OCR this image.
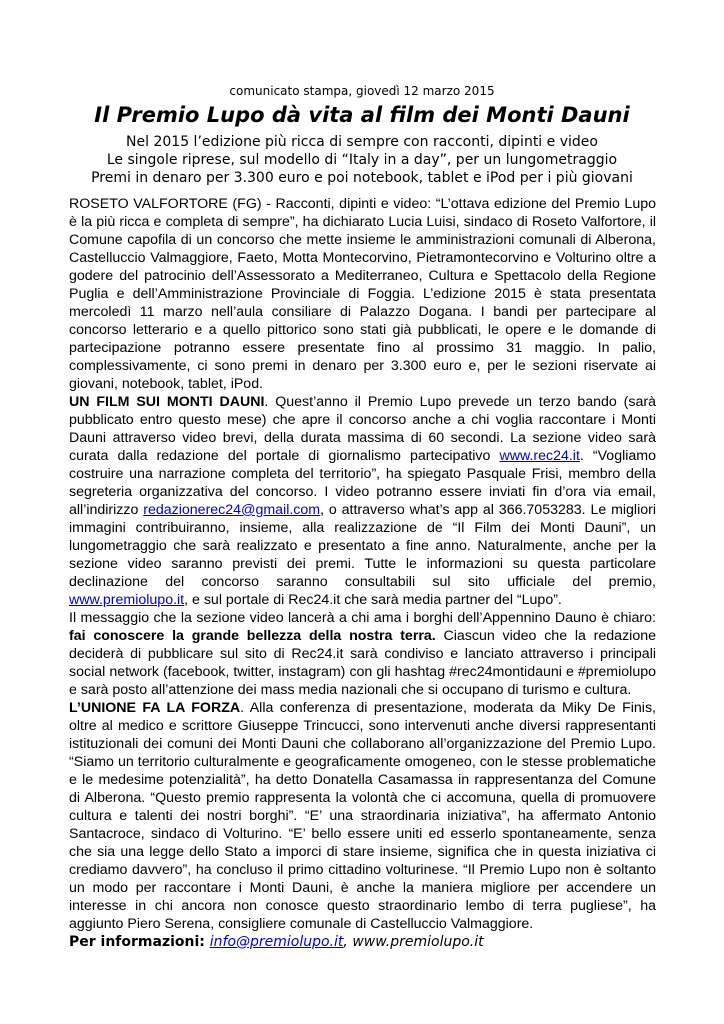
comunicato stampa, giovedì 12 marzo 2015
Il Premio Lupo dà vita al film dei Monti Dauni
Nel 2015 l’edizione più ricca di sempre con racconti, dipinti e video
Le singole riprese, sul modello di “Italy in a day”, per un lungometraggio
Premi in denaro per 3.300 euro e poi notebook, tablet e iPod per i più giovani

ROSETO VALFORTORE (FG) - Racconti, dipinti e video: “L’ottava edizione del Premio Lupo è la più ricca e completa di sempre”, ha dichiarato Lucia Luisi, sindaco di Roseto Valfortore, il Comune capofila di un concorso che mette insieme le amministrazioni comunali di Alberona, Castelluccio Valmaggiore, Faeto, Motta Montecorvino, Pietramontecorvino e Volturino oltre a godere del patrocinio dell’Assessorato a Mediterraneo, Cultura e Spettacolo della Regione Puglia e dell’Amministrazione Provinciale di Foggia. L’edizione 2015 è stata presentata mercoledì 11 marzo nell’aula consiliare di Palazzo Dogana. I bandi per partecipare al concorso letterario e a quello pittorico sono stati già pubblicati, le opere e le domande di partecipazione potranno essere presentate fino al prossimo 31 maggio. In palio, complessivamente, ci sono premi in denaro per 3.300 euro e, per le sezioni riservate ai giovani, notebook, tablet, iPod.

UN FILM SUI MONTI DAUNI. Quest’anno il Premio Lupo prevede un terzo bando (sarà pubblicato entro questo mese) che apre il concorso anche a chi voglia raccontare i Monti Dauni attraverso video brevi, della durata massima di 60 secondi. La sezione video sarà curata dalla redazione del portale di giornalismo partecipativo www.rec24.it. “Vogliamo costruire una narrazione completa del territorio”, ha spiegato Pasquale Frisi, membro della segreteria organizzativa del concorso. I video potranno essere inviati fin d’ora via email, all’indirizzo redazionerec24@gmail.com, o attraverso what’s app al 366.7053283. Le migliori immagini contribuiranno, insieme, alla realizzazione de “Il Film dei Monti Dauni”, un lungometraggio che sarà realizzato e presentato a fine anno. Naturalmente, anche per la sezione video saranno previsti dei premi. Tutte le informazioni su questa particolare declinazione del concorso saranno consultabili sul sito ufficiale del premio, www.premiolupo.it, e sul portale di Rec24.it che sarà media partner del “Lupo”.

Il messaggio che la sezione video lancerà a chi ama i borghi dell’Appennino Dauno è chiaro: fai conoscere la grande bellezza della nostra terra. Ciascun video che la redazione deciderà di pubblicare sul sito di Rec24.it sarà condiviso e lanciato attraverso i principali social network (facebook, twitter, instagram) con gli hashtag #rec24montidauni e #premiolupo e sarà posto all’attenzione dei mass media nazionali che si occupano di turismo e cultura.

L’UNIONE FA LA FORZA. Alla conferenza di presentazione, moderata da Miky De Finis, oltre al medico e scrittore Giuseppe Trincucci, sono intervenuti anche diversi rappresentanti istituzionali dei comuni dei Monti Dauni che collaborano all’organizzazione del Premio Lupo. “Siamo un territorio culturalmente e geograficamente omogeneo, con le stesse problematiche e le medesime potenzialità”, ha detto Donatella Casamassa in rappresentanza del Comune di Alberona. “Questo premio rappresenta la volontà che ci accomuna, quella di promuovere cultura e talenti dei nostri borghi”. “E’ una straordinaria iniziativa”, ha affermato Antonio Santacroce, sindaco di Volturino. “E’ bello essere uniti ed esserlo spontaneamente, senza che sia una legge dello Stato a imporci di stare insieme, significa che in questa iniziativa ci crediamo davvero”, ha concluso il primo cittadino volturinese. “Il Premio Lupo non è soltanto un modo per raccontare i Monti Dauni, è anche la maniera migliore per accendere un interesse in chi ancora non conosce questo straordinario lembo di terra pugliese”, ha aggiunto Piero Serena, consigliere comunale di Castelluccio Valmaggiore.

Per informazioni: info@premiolupo.it, www.premiolupo.it
